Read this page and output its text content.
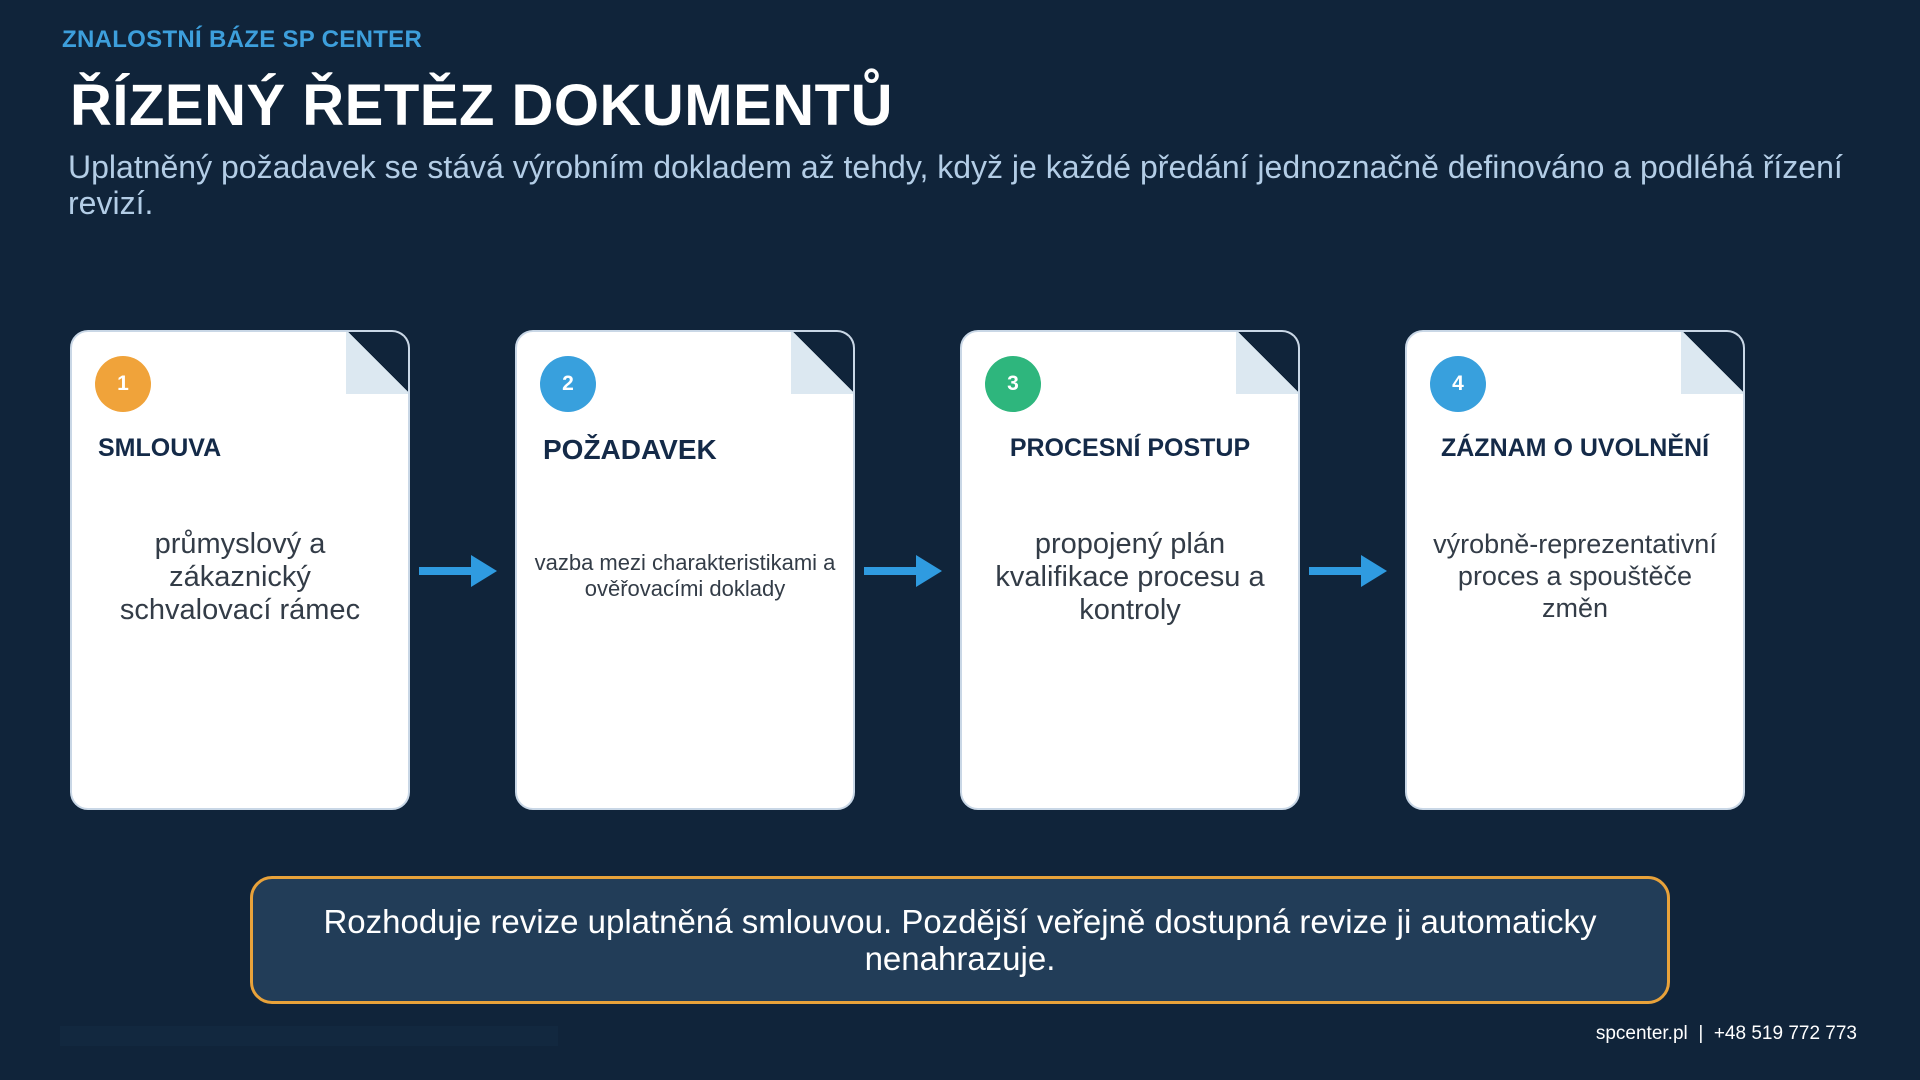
ZNALOSTNÍ BÁZE SP CENTER
ŘÍZENÝ ŘETĚZ DOKUMENTŮ

Uplatněný požadavek se stává výrobním dokladem až tehdy, když je každé předání jednoznačně definováno a podléhá řízení revizí.

1
SMLOUVA
průmyslový a zákaznický schvalovací rámec
2
POŽADAVEK
vazba mezi charakteristikami a ověřovacími doklady
3
PROCESNÍ POSTUP
propojený plán kvalifikace procesu a kontroly
4
ZÁZNAM O UVOLNĚNÍ
výrobně-reprezentativní proces a spouštěče změn
Rozhoduje revize uplatněná smlouvou. Pozdější veřejně dostupná revize ji automaticky nenahrazuje.
spcenter.pl | +48 519 772 773
